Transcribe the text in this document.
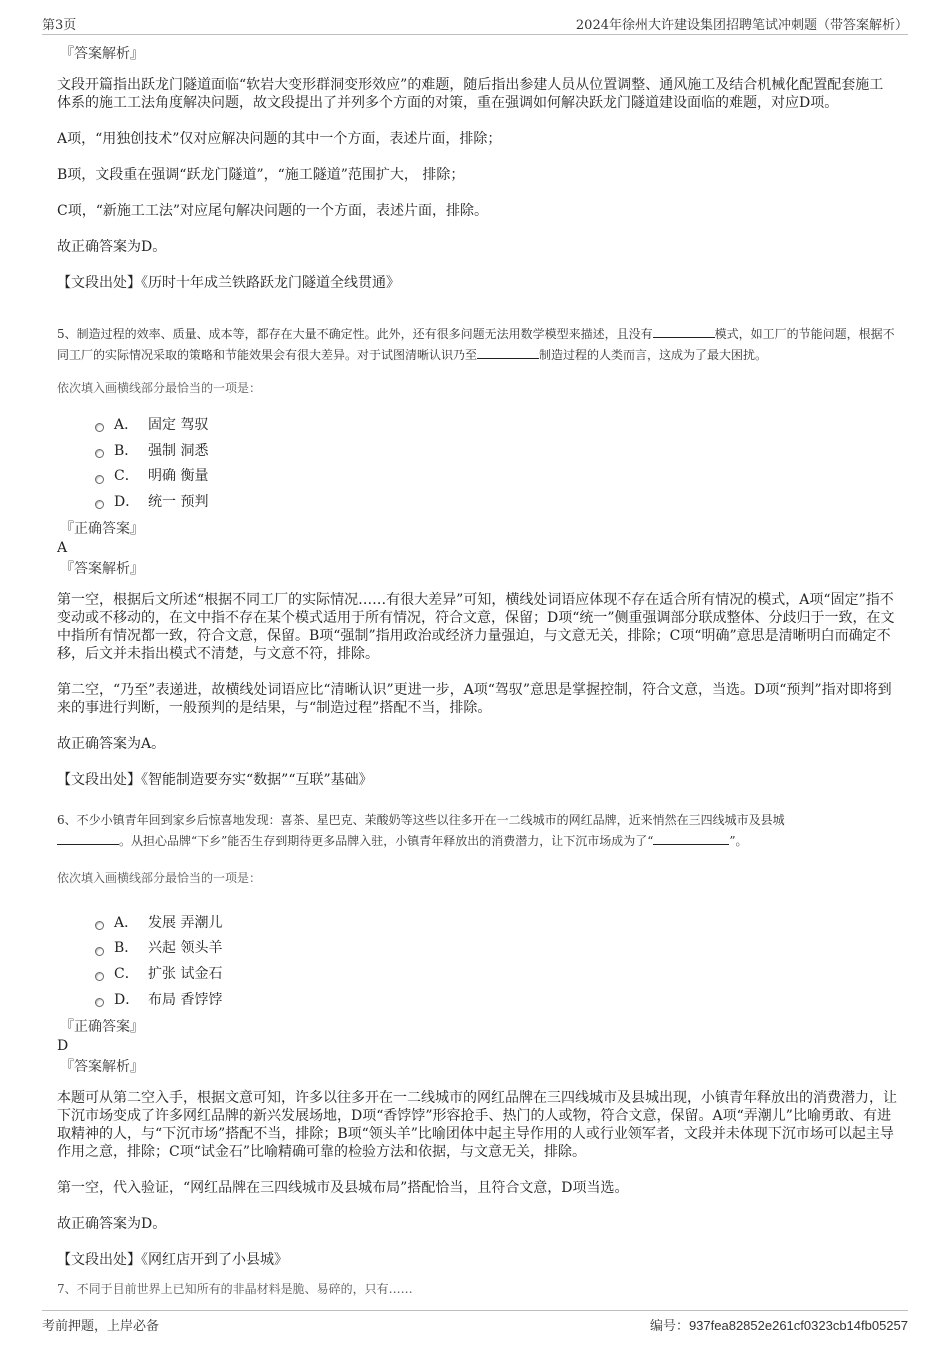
第3页	2024年徐州大许建设集团招聘笔试冲刺题（带答案解析）
『答案解析』

文段开篇指出跃龙门隧道面临“软岩大变形群洞变形效应”的难题，随后指出参建人员从位置调整、通风施工及结合机械化配置配套施工体系的施工工法角度解决问题，故文段提出了并列多个方面的对策，重在强调如何解决跃龙门隧道建设面临的难题，对应D项。

A项，“用独创技术”仅对应解决问题的其中一个方面，表述片面，排除；

B项，文段重在强调“跃龙门隧道”，“施工隧道”范围扩大， 排除；

C项，“新施工工法”对应尾句解决问题的一个方面，表述片面，排除。

故正确答案为D。

【文段出处】《历时十年成兰铁路跃龙门隧道全线贯通》

5、制造过程的效率、质量、成本等，都存在大量不确定性。此外，还有很多问题无法用数学模型来描述，且没有	模式，如工厂的节能问题，根据不同工厂的实际情况采取的策略和节能效果会有很大差异。对于试图清晰认识乃至	制造过程的人类而言，这成为了最大困扰。

依次填入画横线部分最恰当的一项是：

A． 固定 驾驭
B． 强制 洞悉
C． 明确 衡量
D． 统一 预判
『正确答案』
A
『答案解析』

第一空，根据后文所述“根据不同工厂的实际情况……有很大差异”可知，横线处词语应体现不存在适合所有情况的模式，A项“固定”指不变动或不移动的，在文中指不存在某个模式适用于所有情况，符合文意，保留；D项“统一”侧重强调部分联成整体、分歧归于一致，在文中指所有情况都一致，符合文意，保留。B项“强制”指用政治或经济力量强迫，与文意无关，排除；C项“明确”意思是清晰明白而确定不移，后文并未指出模式不清楚，与文意不符，排除。

第二空，“乃至”表递进，故横线处词语应比“清晰认识”更进一步，A项“驾驭”意思是掌握控制，符合文意，当选。D项“预判”指对即将到来的事进行判断，一般预判的是结果，与“制造过程”搭配不当，排除。

故正确答案为A。

【文段出处】《智能制造要夯实“数据”“互联”基础》

6、不少小镇青年回到家乡后惊喜地发现：喜茶、星巴克、茉酸奶等这些以往多开在一二线城市的网红品牌，近来悄然在三四线城市及县城
。从担心品牌“下乡”能否生存到期待更多品牌入驻，小镇青年释放出的消费潜力，让下沉市场成为了“	”。

依次填入画横线部分最恰当的一项是：

A． 发展 弄潮儿
B． 兴起 领头羊
C． 扩张 试金石
D． 布局 香饽饽
『正确答案』
D
『答案解析』

本题可从第二空入手，根据文意可知，许多以往多开在一二线城市的网红品牌在三四线城市及县城出现，小镇青年释放出的消费潜力，让下沉市场变成了许多网红品牌的新兴发展场地，D项“香饽饽”形容抢手、热门的人或物，符合文意，保留。A项“弄潮儿”比喻勇敢、有进取精神的人，与“下沉市场”搭配不当，排除；B项“领头羊”比喻团体中起主导作用的人或行业领军者，文段并未体现下沉市场可以起主导作用之意，排除；C项“试金石”比喻精确可靠的检验方法和依据，与文意无关，排除。

第一空，代入验证，“网红品牌在三四线城市及县城布局”搭配恰当，且符合文意，D项当选。

故正确答案为D。

【文段出处】《网红店开到了小县城》

7、不同于目前世界上已知所有的非晶材料是脆、易碎的，只有……

考前押题，上岸必备	编号：937fea82852e261cf0323cb14fb05257
